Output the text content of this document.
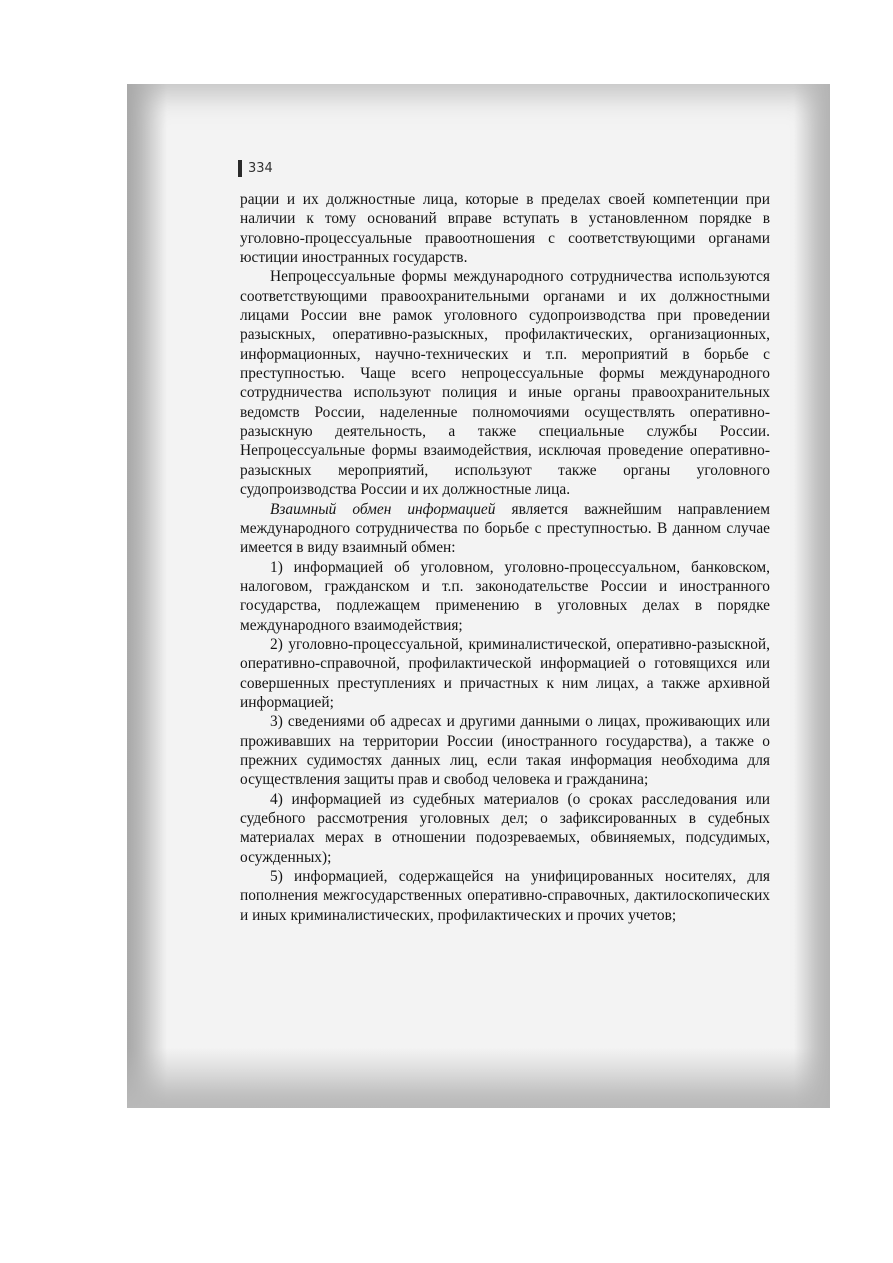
334

рации и их должностные лица, которые в пределах своей компетенции при наличии к тому оснований вправе вступать в установленном порядке в уголовно-процессуальные правоотношения с соответствующими органами юстиции иностранных государств.

Непроцессуальные формы международного сотрудничества используются соответствующими правоохранительными органами и их должностными лицами России вне рамок уголовного судопроизводства при проведении разыскных, оперативно-разыскных, профилактических, организационных, информационных, научно-технических и т.п. мероприятий в борьбе с преступностью. Чаще всего непроцессуальные формы международного сотрудничества используют полиция и иные органы правоохранительных ведомств России, наделенные полномочиями осуществлять оперативно-разыскную деятельность, а также специальные службы России. Непроцессуальные формы взаимодействия, исключая проведение оперативно-разыскных мероприятий, используют также органы уголовного судопроизводства России и их должностные лица.

Взаимный обмен информацией является важнейшим направлением международного сотрудничества по борьбе с преступностью. В данном случае имеется в виду взаимный обмен:

1) информацией об уголовном, уголовно-процессуальном, банковском, налоговом, гражданском и т.п. законодательстве России и иностранного государства, подлежащем применению в уголовных делах в порядке международного взаимодействия;

2) уголовно-процессуальной, криминалистической, оперативно-разыскной, оперативно-справочной, профилактической информацией о готовящихся или совершенных преступлениях и причастных к ним лицах, а также архивной информацией;

3) сведениями об адресах и другими данными о лицах, проживающих или проживавших на территории России (иностранного государства), а также о прежних судимостях данных лиц, если такая информация необходима для осуществления защиты прав и свобод человека и гражданина;

4) информацией из судебных материалов (о сроках расследования или судебного рассмотрения уголовных дел; о зафиксированных в судебных материалах мерах в отношении подозреваемых, обвиняемых, подсудимых, осужденных);

5) информацией, содержащейся на унифицированных носителях, для пополнения межгосударственных оперативно-справочных, дактилоскопических и иных криминалистических, профилактических и прочих учетов;
